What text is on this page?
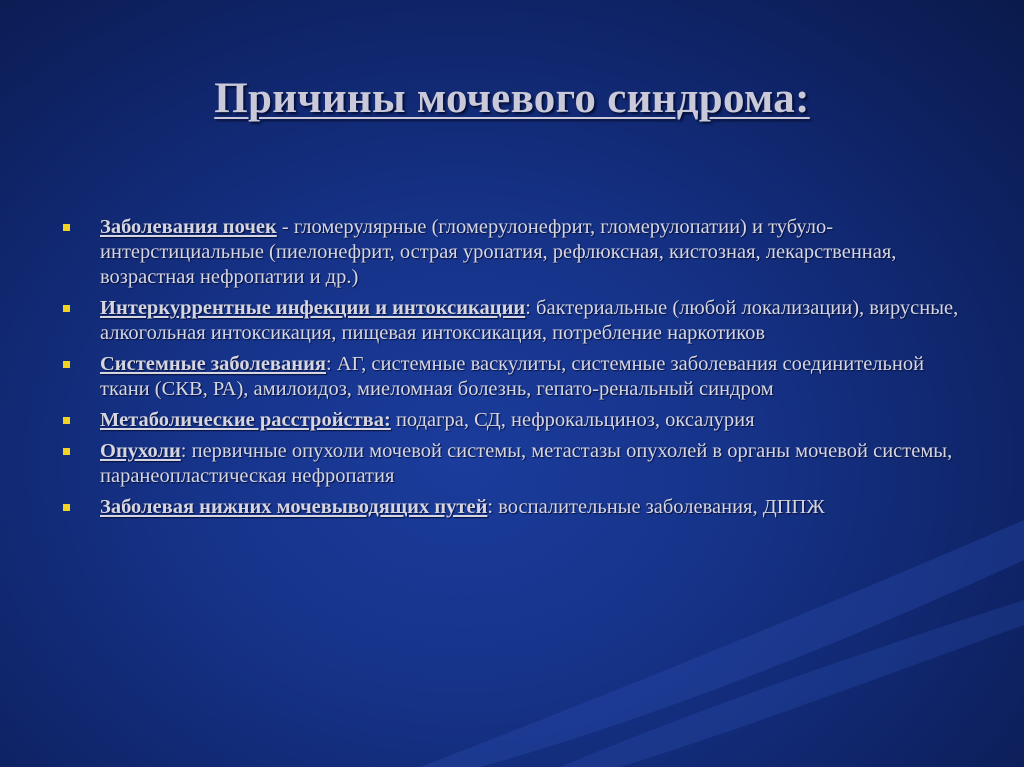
Причины мочевого синдрома:
Заболевания почек - гломерулярные (гломерулонефрит, гломерулопатии) и тубуло-интерстициальные (пиелонефрит, острая уропатия, рефлюксная, кистозная, лекарственная, возрастная нефропатии и др.)
Интеркуррентные инфекции и интоксикации: бактериальные (любой локализации), вирусные, алкогольная интоксикация, пищевая интоксикация, потребление наркотиков
Системные заболевания: АГ, системные васкулиты, системные заболевания соединительной ткани (СКВ, РА), амилоидоз, миеломная болезнь, гепато-ренальный синдром
Метаболические расстройства: подагра, СД, нефрокальциноз, оксалурия
Опухоли: первичные опухоли мочевой системы, метастазы опухолей в органы мочевой системы, паранеопластическая нефропатия
Заболевая нижних мочевыводящих путей: воспалительные заболевания, ДППЖ
